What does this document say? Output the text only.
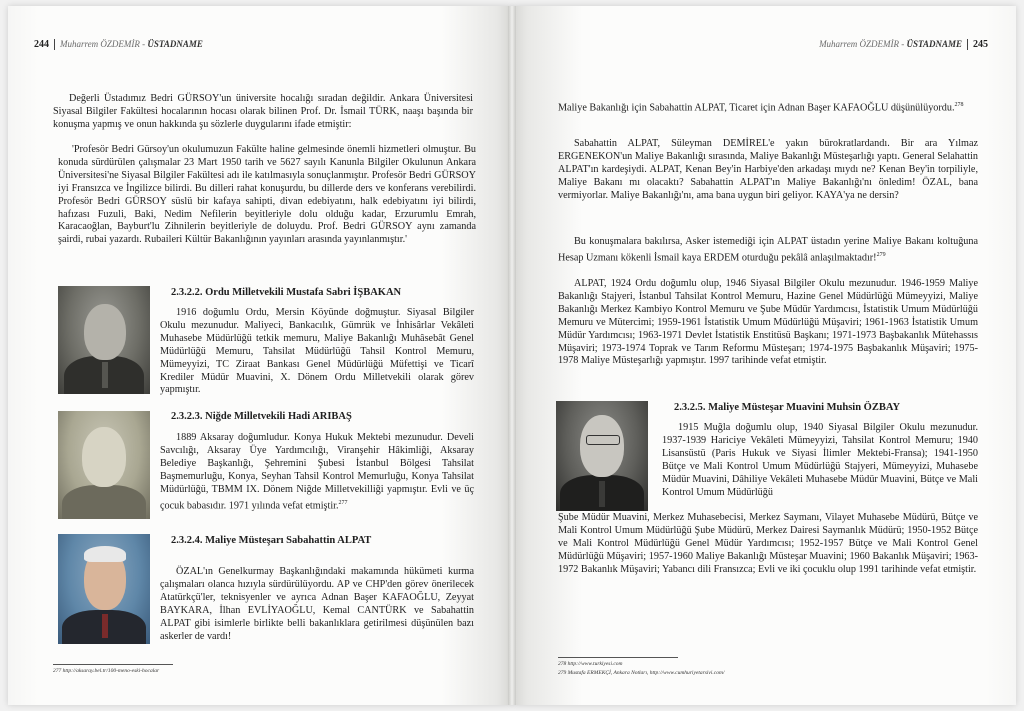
244 Muharrem ÖZDEMİR - ÜSTADNAME
Değerli Üstadımız Bedri GÜRSOY'un üniversite hocalığı sıradan değildir. Ankara Üniversitesi Siyasal Bilgiler Fakültesi hocalarının hocası olarak bilinen Prof. Dr. İsmail TÜRK, naaşı başında bir konuşma yapmış ve onun hakkında şu sözlerle duygularını ifade etmiştir:
'Profesör Bedri Gürsoy'un okulumuzun Fakülte haline gelmesinde önemli hizmetleri olmuştur. Bu konuda sürdürülen çalışmalar 23 Mart 1950 tarih ve 5627 sayılı Kanunla Bilgiler Okulunun Ankara Üniversitesi'ne Siyasal Bilgiler Fakültesi adı ile katılmasıyla sonuçlanmıştır. Profesör Bedri GÜRSOY iyi Fransızca ve İngilizce bilirdi. Bu dilleri rahat konuşurdu, bu dillerde ders ve konferans verebilirdi. Profesör Bedri GÜRSOY süslü bir kafaya sahipti, divan edebiyatını, halk edebiyatını iyi bilirdi, hafızası Fuzuli, Baki, Nedim Nefilerin beyitleriyle dolu olduğu kadar, Erzurumlu Emrah, Karacaoğlan, Bayburt'lu Zihnilerin beyitleriyle de doluydu. Prof. Bedri GÜRSOY aynı zamanda şairdi, rubai yazardı. Rubaileri Kültür Bakanlığının yayınları arasında yayınlanmıştır.'
2.3.2.2. Ordu Milletvekili Mustafa Sabri İŞBAKAN
1916 doğumlu Ordu, Mersin Köyünde doğmuştur. Siyasal Bilgiler Okulu mezunudur. Maliyeci, Bankacılık, Gümrük ve İnhisârlar Vekâleti Muhasebe Müdürlüğü tetkik memuru, Maliye Bakanlığı Muhâsebât Genel Müdürlüğü Memuru, Tahsilat Müdürlüğü Tahsil Kontrol Memuru, Mümeyyizi, TC Ziraat Bankası Genel Müdürlüğü Müfettişi ve Ticarî Krediler Müdür Muavini, X. Dönem Ordu Milletvekili olarak görev yapmıştır.
2.3.2.3. Niğde Milletvekili Hadi ARIBAŞ
1889 Aksaray doğumludur. Konya Hukuk Mektebi mezunudur. Develi Savcılığı, Aksaray Üye Yardımcılığı, Viranşehir Hâkimliği, Aksaray Belediye Başkanlığı, Şehremini Şubesi İstanbul Bölgesi Tahsilat Başmemurluğu, Konya, Seyhan Tahsil Kontrol Memurluğu, Konya Tahsilat Müdürlüğü, TBMM IX. Dönem Niğde Milletvekilliği yapmıştır. Evli ve üç çocuk babasıdır. 1971 yılında vefat etmiştir.$^{277}$
2.3.2.4. Maliye Müsteşarı Sabahattin ALPAT
ÖZAL'ın Genelkurmay Başkanlığındaki makamında hükümeti kurma çalışmaları olanca hızıyla sürdürülüyordu. AP ve CHP'den görev önerilecek Atatürkçü'ler, teknisyenler ve ayrıca Adnan Başer KAFAOĞLU, Zeyyat BAYKARA, İlhan EVLİYAOĞLU, Kemal CANTÜRK ve Sabahattin ALPAT gibi isimlerle birlikte belli bakanlıklara getirilmesi düşünülen bazı askerler de vardı!
277 http://aksaray.bel.tr/100-meno-eski-hocalar
Muharrem ÖZDEMİR - ÜSTADNAME 245
Maliye Bakanlığı için Sabahattin ALPAT, Ticaret için Adnan Başer KAFAOĞLU düşünülüyordu.$^{278}$
Sabahattin ALPAT, Süleyman DEMİREL'e yakın bürokratlardandı. Bir ara Yılmaz ERGENEKON'un Maliye Bakanlığı sırasında, Maliye Bakanlığı Müsteşarlığı yaptı. General Selahattin ALPAT'ın kardeşiydi. ALPAT, Kenan Bey'in Harbiye'den arkadaşı mıydı ne? Kenan Bey'in torpiliyle, Maliye Bakanı mı olacaktı? Sabahattin ALPAT'ın Maliye Bakanlığı'nı önledim! ÖZAL, bana vermiyorlar. Maliye Bakanlığı'nı, ama bana uygun biri geliyor. KAYA'ya ne dersin?
Bu konuşmalara bakılırsa, Asker istemediği için ALPAT üstadın yerine Maliye Bakanı koltuğuna Hesap Uzmanı kökenli İsmail kaya ERDEM oturduğu pekâlâ anlaşılmaktadır!$^{279}$
ALPAT, 1924 Ordu doğumlu olup, 1946 Siyasal Bilgiler Okulu mezunudur. 1946-1959 Maliye Bakanlığı Stajyeri, İstanbul Tahsilat Kontrol Memuru, Hazine Genel Müdürlüğü Mümeyyizi, Maliye Bakanlığı Merkez Kambiyo Kontrol Memuru ve Şube Müdür Yardımcısı, İstatistik Umum Müdürlüğü Memuru ve Mütercimi; 1959-1961 İstatistik Umum Müdürlüğü Müşaviri; 1961-1963 İstatistik Umum Müdür Yardımcısı; 1963-1971 Devlet İstatistik Enstitüsü Başkanı; 1971-1973 Başbakanlık Mütehassıs Müşaviri; 1973-1974 Toprak ve Tarım Reformu Müsteşarı; 1974-1975 Başbakanlık Müşaviri; 1975-1978 Maliye Müsteşarlığı yapmıştır. 1997 tarihinde vefat etmiştir.
2.3.2.5. Maliye Müsteşar Muavini Muhsin ÖZBAY
1915 Muğla doğumlu olup, 1940 Siyasal Bilgiler Okulu mezunudur. 1937-1939 Hariciye Vekâleti Mümeyyizi, Tahsilat Kontrol Memuru; 1940 Lisansüstü (Paris Hukuk ve Siyasi İlimler Mektebi-Fransa); 1941-1950 Bütçe ve Mali Kontrol Umum Müdürlüğü Stajyeri, Mümeyyizi, Muhasebe Müdür Muavini, Dâhiliye Vekâleti Muhasebe Müdür Muavini, Bütçe ve Mali Kontrol Umum Müdürlüğü
Şube Müdür Muavini, Merkez Muhasebecisi, Merkez Saymanı, Vilayet Muhasebe Müdürü, Bütçe ve Mali Kontrol Umum Müdürlüğü Şube Müdürü, Merkez Dairesi Saymanlık Müdürü; 1950-1952 Bütçe ve Mali Kontrol Müdürlüğü Genel Müdür Yardımcısı; 1952-1957 Bütçe ve Mali Kontrol Genel Müdürlüğü Müşaviri; 1957-1960 Maliye Bakanlığı Müsteşar Muavini; 1960 Bakanlık Müşaviri; 1963-1972 Bakanlık Müşaviri; Yabancı dili Fransızca; Evli ve iki çocuklu olup 1991 tarihinde vefat etmiştir.
278 http://www.turkiyesi.com
279 Mustafa ERMEKÇİ, Ankara Notları, http://www.cumhuriyetarsivi.com/
